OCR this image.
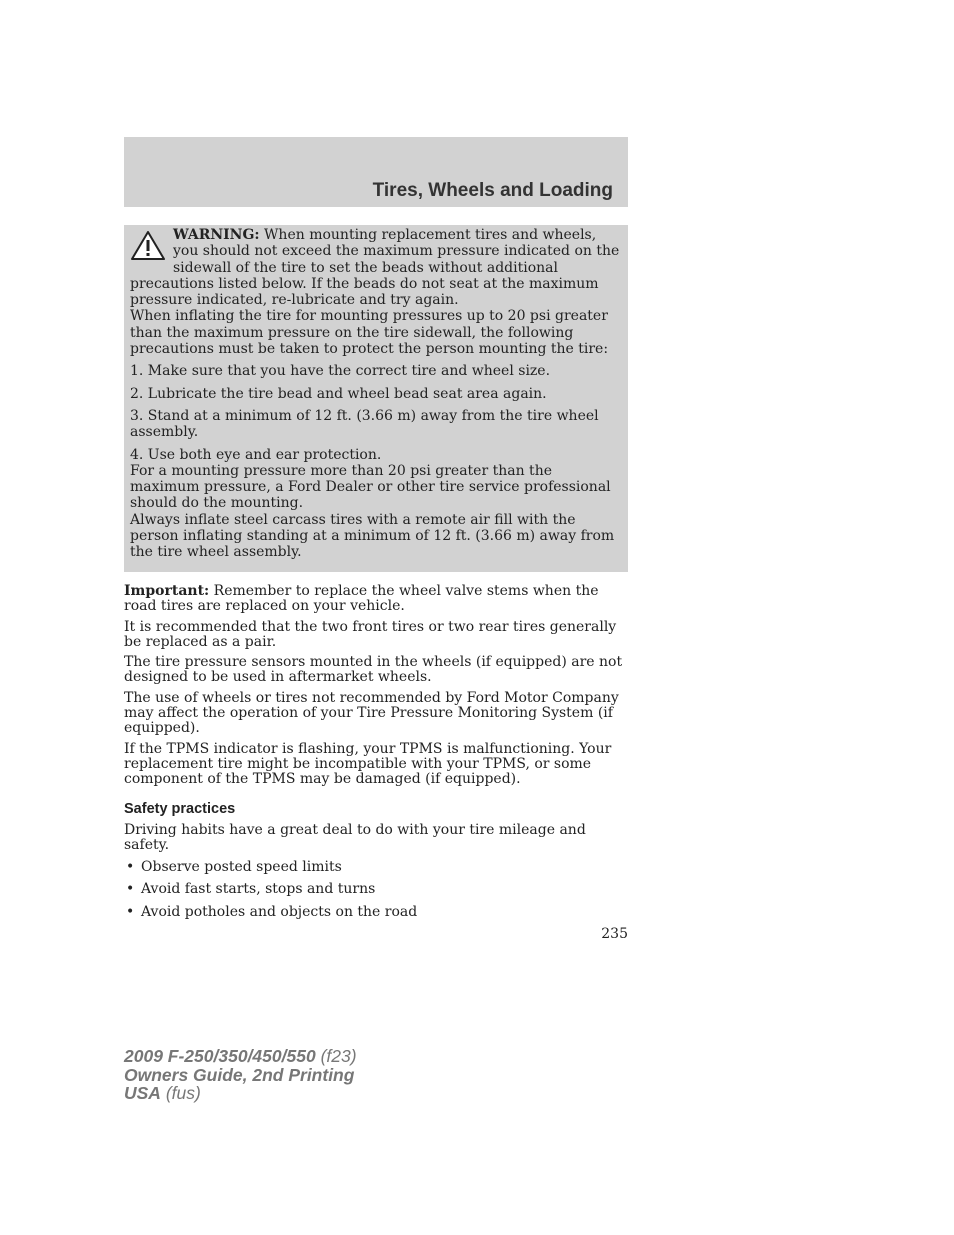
Tires, Wheels and Loading

WARNING: When mounting replacement tires and wheels, you should not exceed the maximum pressure indicated on the sidewall of the tire to set the beads without additional precautions listed below. If the beads do not seat at the maximum pressure indicated, re-lubricate and try again.

When inflating the tire for mounting pressures up to 20 psi greater than the maximum pressure on the tire sidewall, the following precautions must be taken to protect the person mounting the tire:

1. Make sure that you have the correct tire and wheel size.

2. Lubricate the tire bead and wheel bead seat area again.

3. Stand at a minimum of 12 ft. (3.66 m) away from the tire wheel assembly.

4. Use both eye and ear protection.

For a mounting pressure more than 20 psi greater than the maximum pressure, a Ford Dealer or other tire service professional should do the mounting.

Always inflate steel carcass tires with a remote air fill with the person inflating standing at a minimum of 12 ft. (3.66 m) away from the tire wheel assembly.

Important: Remember to replace the wheel valve stems when the road tires are replaced on your vehicle.

It is recommended that the two front tires or two rear tires generally be replaced as a pair.

The tire pressure sensors mounted in the wheels (if equipped) are not designed to be used in aftermarket wheels.

The use of wheels or tires not recommended by Ford Motor Company may affect the operation of your Tire Pressure Monitoring System (if equipped).

If the TPMS indicator is flashing, your TPMS is malfunctioning. Your replacement tire might be incompatible with your TPMS, or some component of the TPMS may be damaged (if equipped).

Safety practices

Driving habits have a great deal to do with your tire mileage and safety.

• Observe posted speed limits
• Avoid fast starts, stops and turns
• Avoid potholes and objects on the road
235
2009 F-250/350/450/550 (f23)
Owners Guide, 2nd Printing
USA (fus)
